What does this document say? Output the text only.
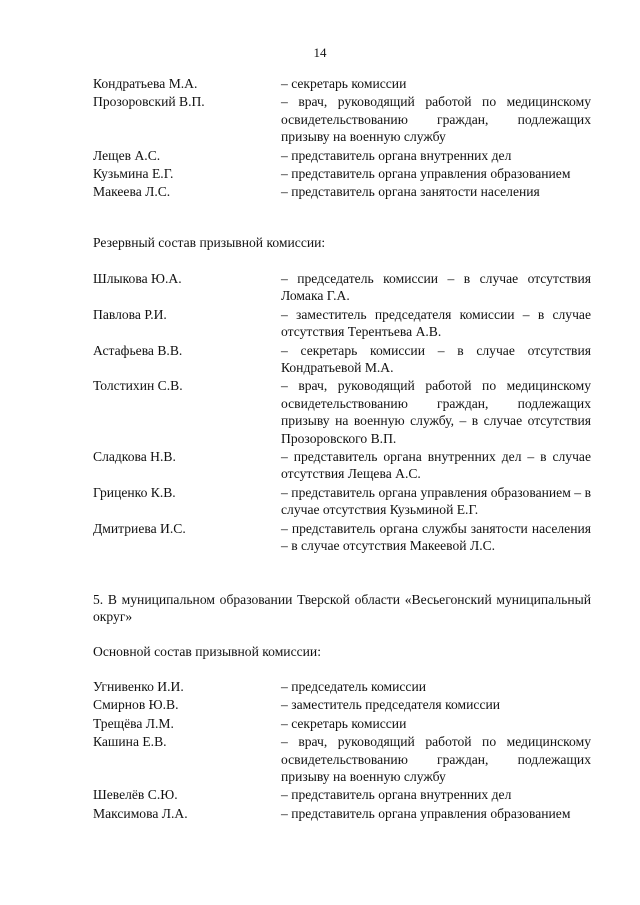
14
Кондратьева М.А.	– секретарь комиссии
Прозоровский В.П.	– врач, руководящий работой по медицинскому освидетельствованию граждан, подлежащих призыву на военную службу
Лещев А.С.	– представитель органа внутренних дел
Кузьмина Е.Г.	– представитель органа управления образованием
Макеева Л.С.	– представитель органа занятости населения
Резервный состав призывной комиссии:
Шлыкова Ю.А.	– председатель комиссии – в случае отсутствия Ломака Г.А.
Павлова Р.И.	– заместитель председателя комиссии – в случае отсутствия Терентьева А.В.
Астафьева В.В.	– секретарь комиссии – в случае отсутствия Кондратьевой М.А.
Толстихин С.В.	– врач, руководящий работой по медицинскому освидетельствованию граждан, подлежащих призыву на военную службу, – в случае отсутствия Прозоровского В.П.
Сладкова Н.В.	– представитель органа внутренних дел – в случае отсутствия Лещева А.С.
Гриценко К.В.	– представитель органа управления образованием – в случае отсутствия Кузьминой Е.Г.
Дмитриева И.С.	– представитель органа службы занятости населения – в случае отсутствия Макеевой Л.С.
5. В муниципальном образовании Тверской области «Весьегонский муниципальный округ»
Основной состав призывной комиссии:
Угнивенко И.И.	– председатель комиссии
Смирнов Ю.В.	– заместитель председателя комиссии
Трещёва Л.М.	– секретарь комиссии
Кашина Е.В.	– врач, руководящий работой по медицинскому освидетельствованию граждан, подлежащих призыву на военную службу
Шевелёв С.Ю.	– представитель органа внутренних дел
Максимова Л.А.	– представитель органа управления образованием
